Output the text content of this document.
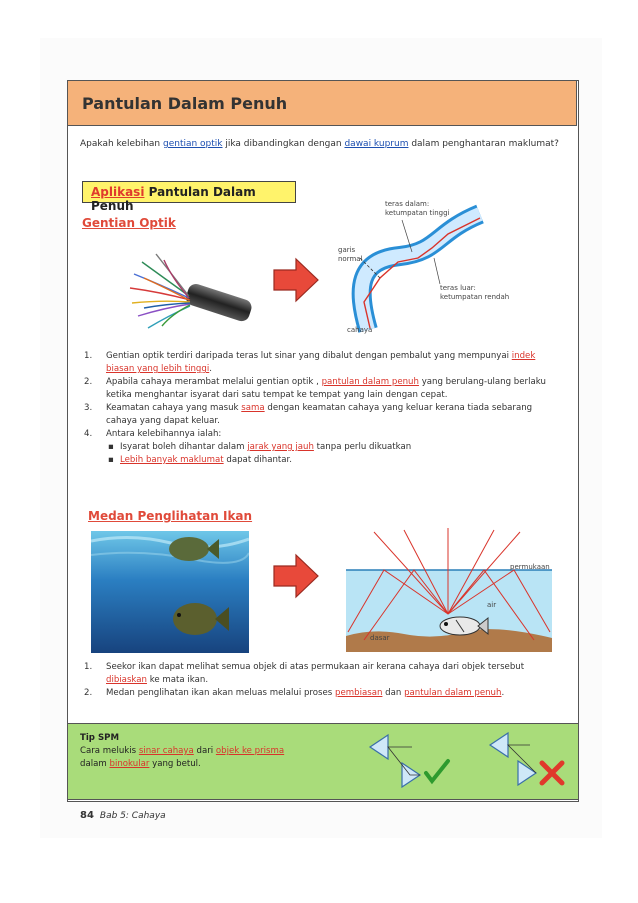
Pantulan Dalam Penuh
Apakah kelebihan gentian optik jika dibandingkan dengan dawai kuprum dalam penghantaran maklumat?
Aplikasi Pantulan Dalam Penuh
Gentian Optik
teras dalam:
ketumpatan tinggi
garis
normal
teras luar:
ketumpatan rendah
cahaya
1. Gentian optik terdiri daripada teras lut sinar yang dibalut dengan pembalut yang mempunyai indek biasan yang lebih tinggi.
2. Apabila cahaya merambat melalui gentian optik , pantulan dalam penuh yang berulang-ulang berlaku ketika menghantar isyarat dari satu tempat ke tempat yang lain dengan cepat.
3. Keamatan cahaya yang masuk sama dengan keamatan cahaya yang keluar kerana tiada sebarang cahaya yang dapat keluar.
4. Antara kelebihannya ialah:
▪ Isyarat boleh dihantar dalam jarak yang jauh tanpa perlu dikuatkan
▪ Lebih banyak maklumat dapat dihantar.
Medan Penglihatan Ikan
permukaan
air
dasar
1. Seekor ikan dapat melihat semua objek di atas permukaan air kerana cahaya dari objek tersebut dibiaskan ke mata ikan.
2. Medan penglihatan ikan akan meluas melalui proses pembiasan dan pantulan dalam penuh.
Tip SPM
Cara melukis sinar cahaya dari objek ke prisma
dalam binokular yang betul.
84 Bab 5: Cahaya
